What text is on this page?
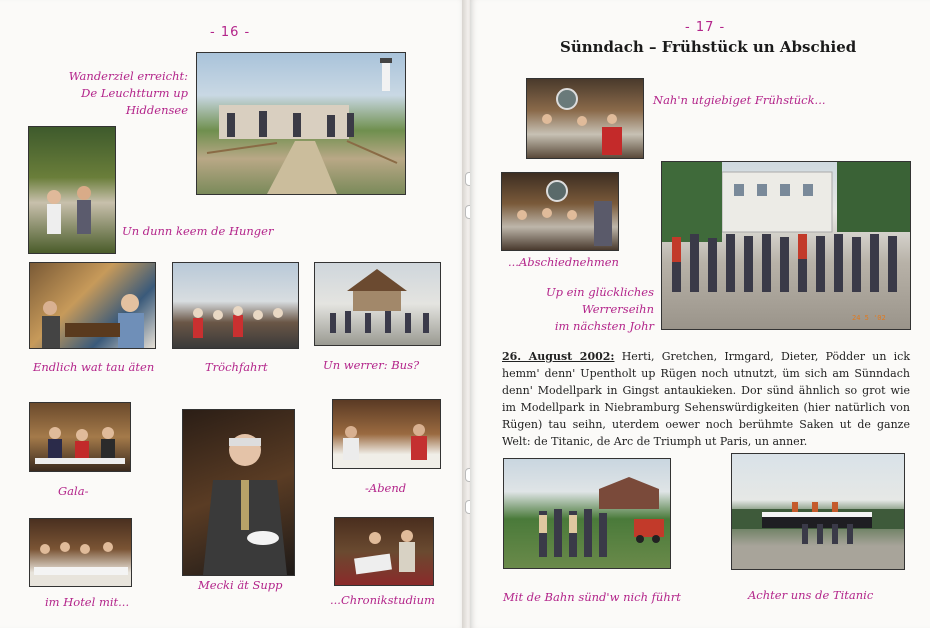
- 16 -
Wanderziel erreicht:
De Leuchtturm up
Hiddensee
Un dunn keem de Hunger
Endlich wat tau äten	Tröchfahrt	Un werrer: Bus?
Gala-	-Abend
im Hotel mit...
Mecki ät Supp
...Chronikstudium
- 17 -
Sünndach – Frühstück un Abschied
Nah'n utgiebiget Frühstück...
...Abschiednehmen
24 5 '02
Up ein glückliches
Werrerseihn
im nächsten Johr
26. August 2002: Herti, Gretchen, Irmgard, Dieter, Pödder un ick hemm' denn' Upentholt up Rügen noch utnutzt, üm sich am Sünndach denn' Modellpark in Gingst antaukieken. Dor sünd ähnlich so grot wie im Modellpark in Niebramburg Sehenswürdigkeiten (hier natürlich von Rügen) tau seihn, uterdem oewer noch berühmte Saken ut de ganze Welt: de Titanic, de Arc de Triumph ut Paris, un anner.
Mit de Bahn sünd'w nich führt	Achter uns de Titanic
